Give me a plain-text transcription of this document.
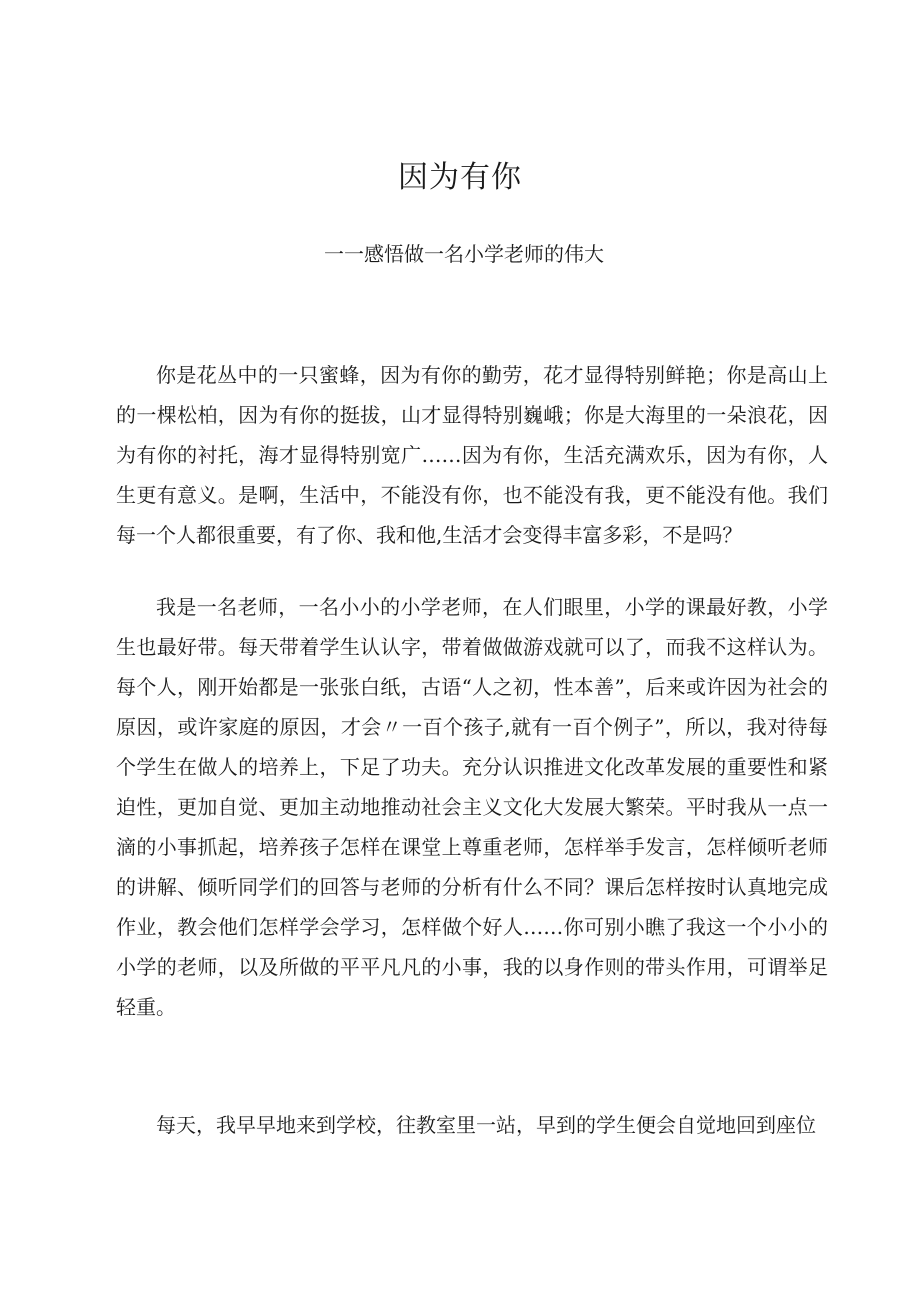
因为有你

一一感悟做一名小学老师的伟大

你是花丛中的一只蜜蜂，因为有你的勤劳，花才显得特别鲜艳；你是高山上的一棵松柏，因为有你的挺拔，山才显得特别巍峨；你是大海里的一朵浪花，因为有你的衬托，海才显得特别宽广……因为有你，生活充满欢乐，因为有你，人生更有意义。是啊，生活中，不能没有你，也不能没有我，更不能没有他。我们每一个人都很重要，有了你、我和他,生活才会变得丰富多彩，不是吗？

我是一名老师，一名小小的小学老师，在人们眼里，小学的课最好教，小学生也最好带。每天带着学生认认字，带着做做游戏就可以了，而我不这样认为。每个人，刚开始都是一张张白纸，古语“人之初，性本善”，后来或许因为社会的原因，或许家庭的原因，才会〃一百个孩子,就有一百个例子”，所以，我对待每个学生在做人的培养上，下足了功夫。充分认识推进文化改革发展的重要性和紧迫性，更加自觉、更加主动地推动社会主义文化大发展大繁荣。平时我从一点一滴的小事抓起，培养孩子怎样在课堂上尊重老师，怎样举手发言，怎样倾听老师的讲解、倾听同学们的回答与老师的分析有什么不同？课后怎样按时认真地完成作业，教会他们怎样学会学习，怎样做个好人……你可别小瞧了我这一个小小的小学的老师，以及所做的平平凡凡的小事，我的以身作则的带头作用，可谓举足轻重。

每天，我早早地来到学校，往教室里一站，早到的学生便会自觉地回到座位
